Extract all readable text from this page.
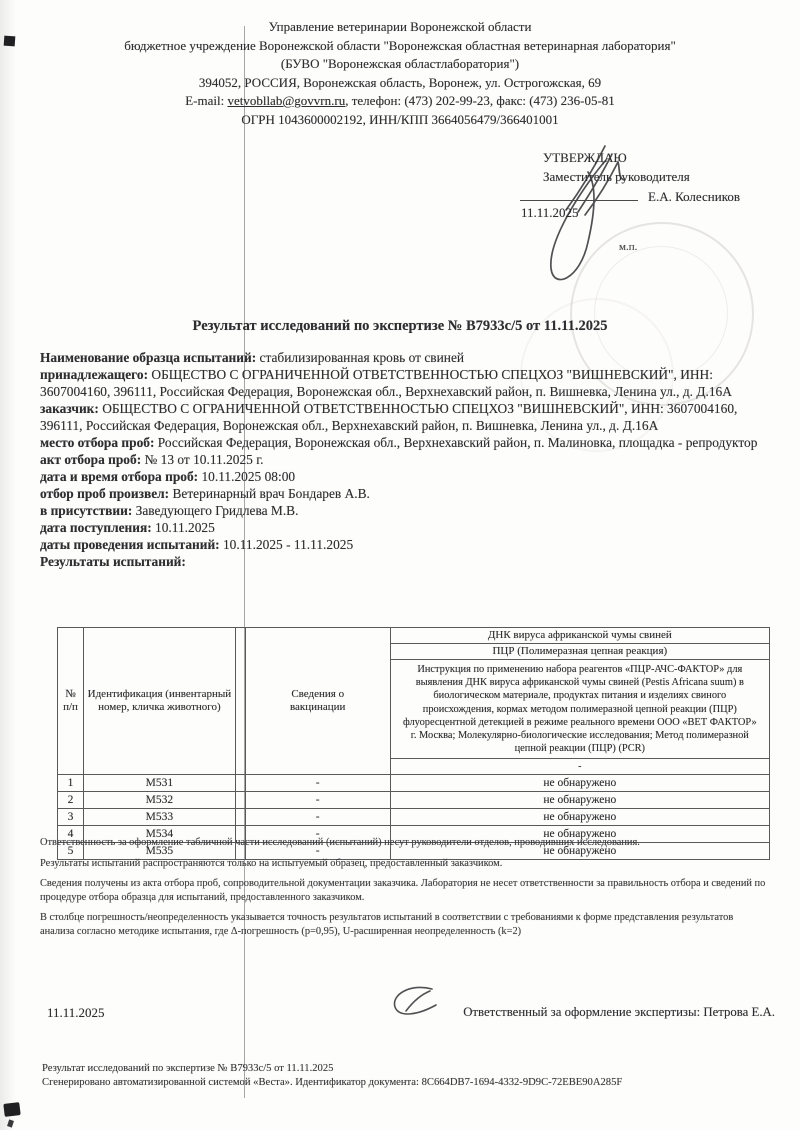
Управление ветеринарии Воронежской области
бюджетное учреждение Воронежской области "Воронежская областная ветеринарная лаборатория"
(БУВО "Воронежская областлаборатория")
394052, РОССИЯ, Воронежская область, Воронеж, ул. Острогожская, 69
E-mail: vetvobllab@govvrn.ru, телефон: (473) 202-99-23, факс: (473) 236-05-81
ОГРН 1043600002192, ИНН/КПП 3664056479/366401001
УТВЕРЖДАЮ
Заместитель руководителя
Е.А. Колесников
11.11.2025
м.п.
Результат исследований по экспертизе № В7933с/5 от 11.11.2025

Наименование образца испытаний: стабилизированная кровь от свиней

принадлежащего: ОБЩЕСТВО С ОГРАНИЧЕННОЙ ОТВЕТСТВЕННОСТЬЮ СПЕЦХОЗ "ВИШНЕВСКИЙ", ИНН: 3607004160, 396111, Российская Федерация, Воронежская обл., Верхнехавский район, п. Вишневка, Ленина ул., д. Д.16А

заказчик: ОБЩЕСТВО С ОГРАНИЧЕННОЙ ОТВЕТСТВЕННОСТЬЮ СПЕЦХОЗ "ВИШНЕВСКИЙ", ИНН: 3607004160, 396111, Российская Федерация, Воронежская обл., Верхнехавский район, п. Вишневка, Ленина ул., д. Д.16А

место отбора проб: Российская Федерация, Воронежская обл., Верхнехавский район, п. Малиновка, площадка - репродуктор

акт отбора проб: № 13 от 10.11.2025 г.

дата и время отбора проб: 10.11.2025 08:00

отбор проб произвел: Ветеринарный врач Бондарев А.В.

в присутствии: Заведующего Гридлева М.В.

дата поступления: 10.11.2025

даты проведения испытаний: 10.11.2025 - 11.11.2025

Результаты испытаний:

№ п/п	Идентификация (инвентарный номер, кличка животного)		Сведения о вакцинации	ДНК вируса африканской чумы свиней
				ПЦР (Полимеразная цепная реакция)
				Инструкция по применению набора реагентов «ПЦР-АЧС-ФАКТОР» для выявления ДНК вируса африканской чумы свиней (Pestis Africana suum) в биологическом материале, продуктах питания и изделиях свиного происхождения, кормах методом полимеразной цепной реакции (ПЦР) флуоресцентной детекцией в режиме реального времени ООО «ВЕТ ФАКТОР» г. Москва; Молекулярно-биологические исследования; Метод полимеразной цепной реакции (ПЦР) (PCR)
				-
1	М531		-	не обнаружено
2	М532		-	не обнаружено
3	М533		-	не обнаружено
4	М534		-	не обнаружено
5	М535		-	не обнаружено
Ответственность за оформление табличной части исследований (испытаний) несут руководители отделов, проводивших исследования.
Результаты испытаний распространяются только на испытуемый образец, предоставленный заказчиком.
Сведения получены из акта отбора проб, сопроводительной документации заказчика. Лаборатория не несет ответственности за правильность отбора и сведений по процедуре отбора образца для испытаний, предоставленного заказчиком.
В столбце погрешность/неопределенность указывается точность результатов испытаний в соответствии с требованиями к форме представления результатов анализа согласно методике испытания, где Δ-погрешность (р=0,95), U-расширенная неопределенность (k=2)
11.11.2025	Ответственный за оформление экспертизы: Петрова Е.А.
Результат исследований по экспертизе № В7933с/5 от 11.11.2025
Сгенерировано автоматизированной системой «Веста». Идентификатор документа: 8C664DB7-1694-4332-9D9C-72EBE90A285F
